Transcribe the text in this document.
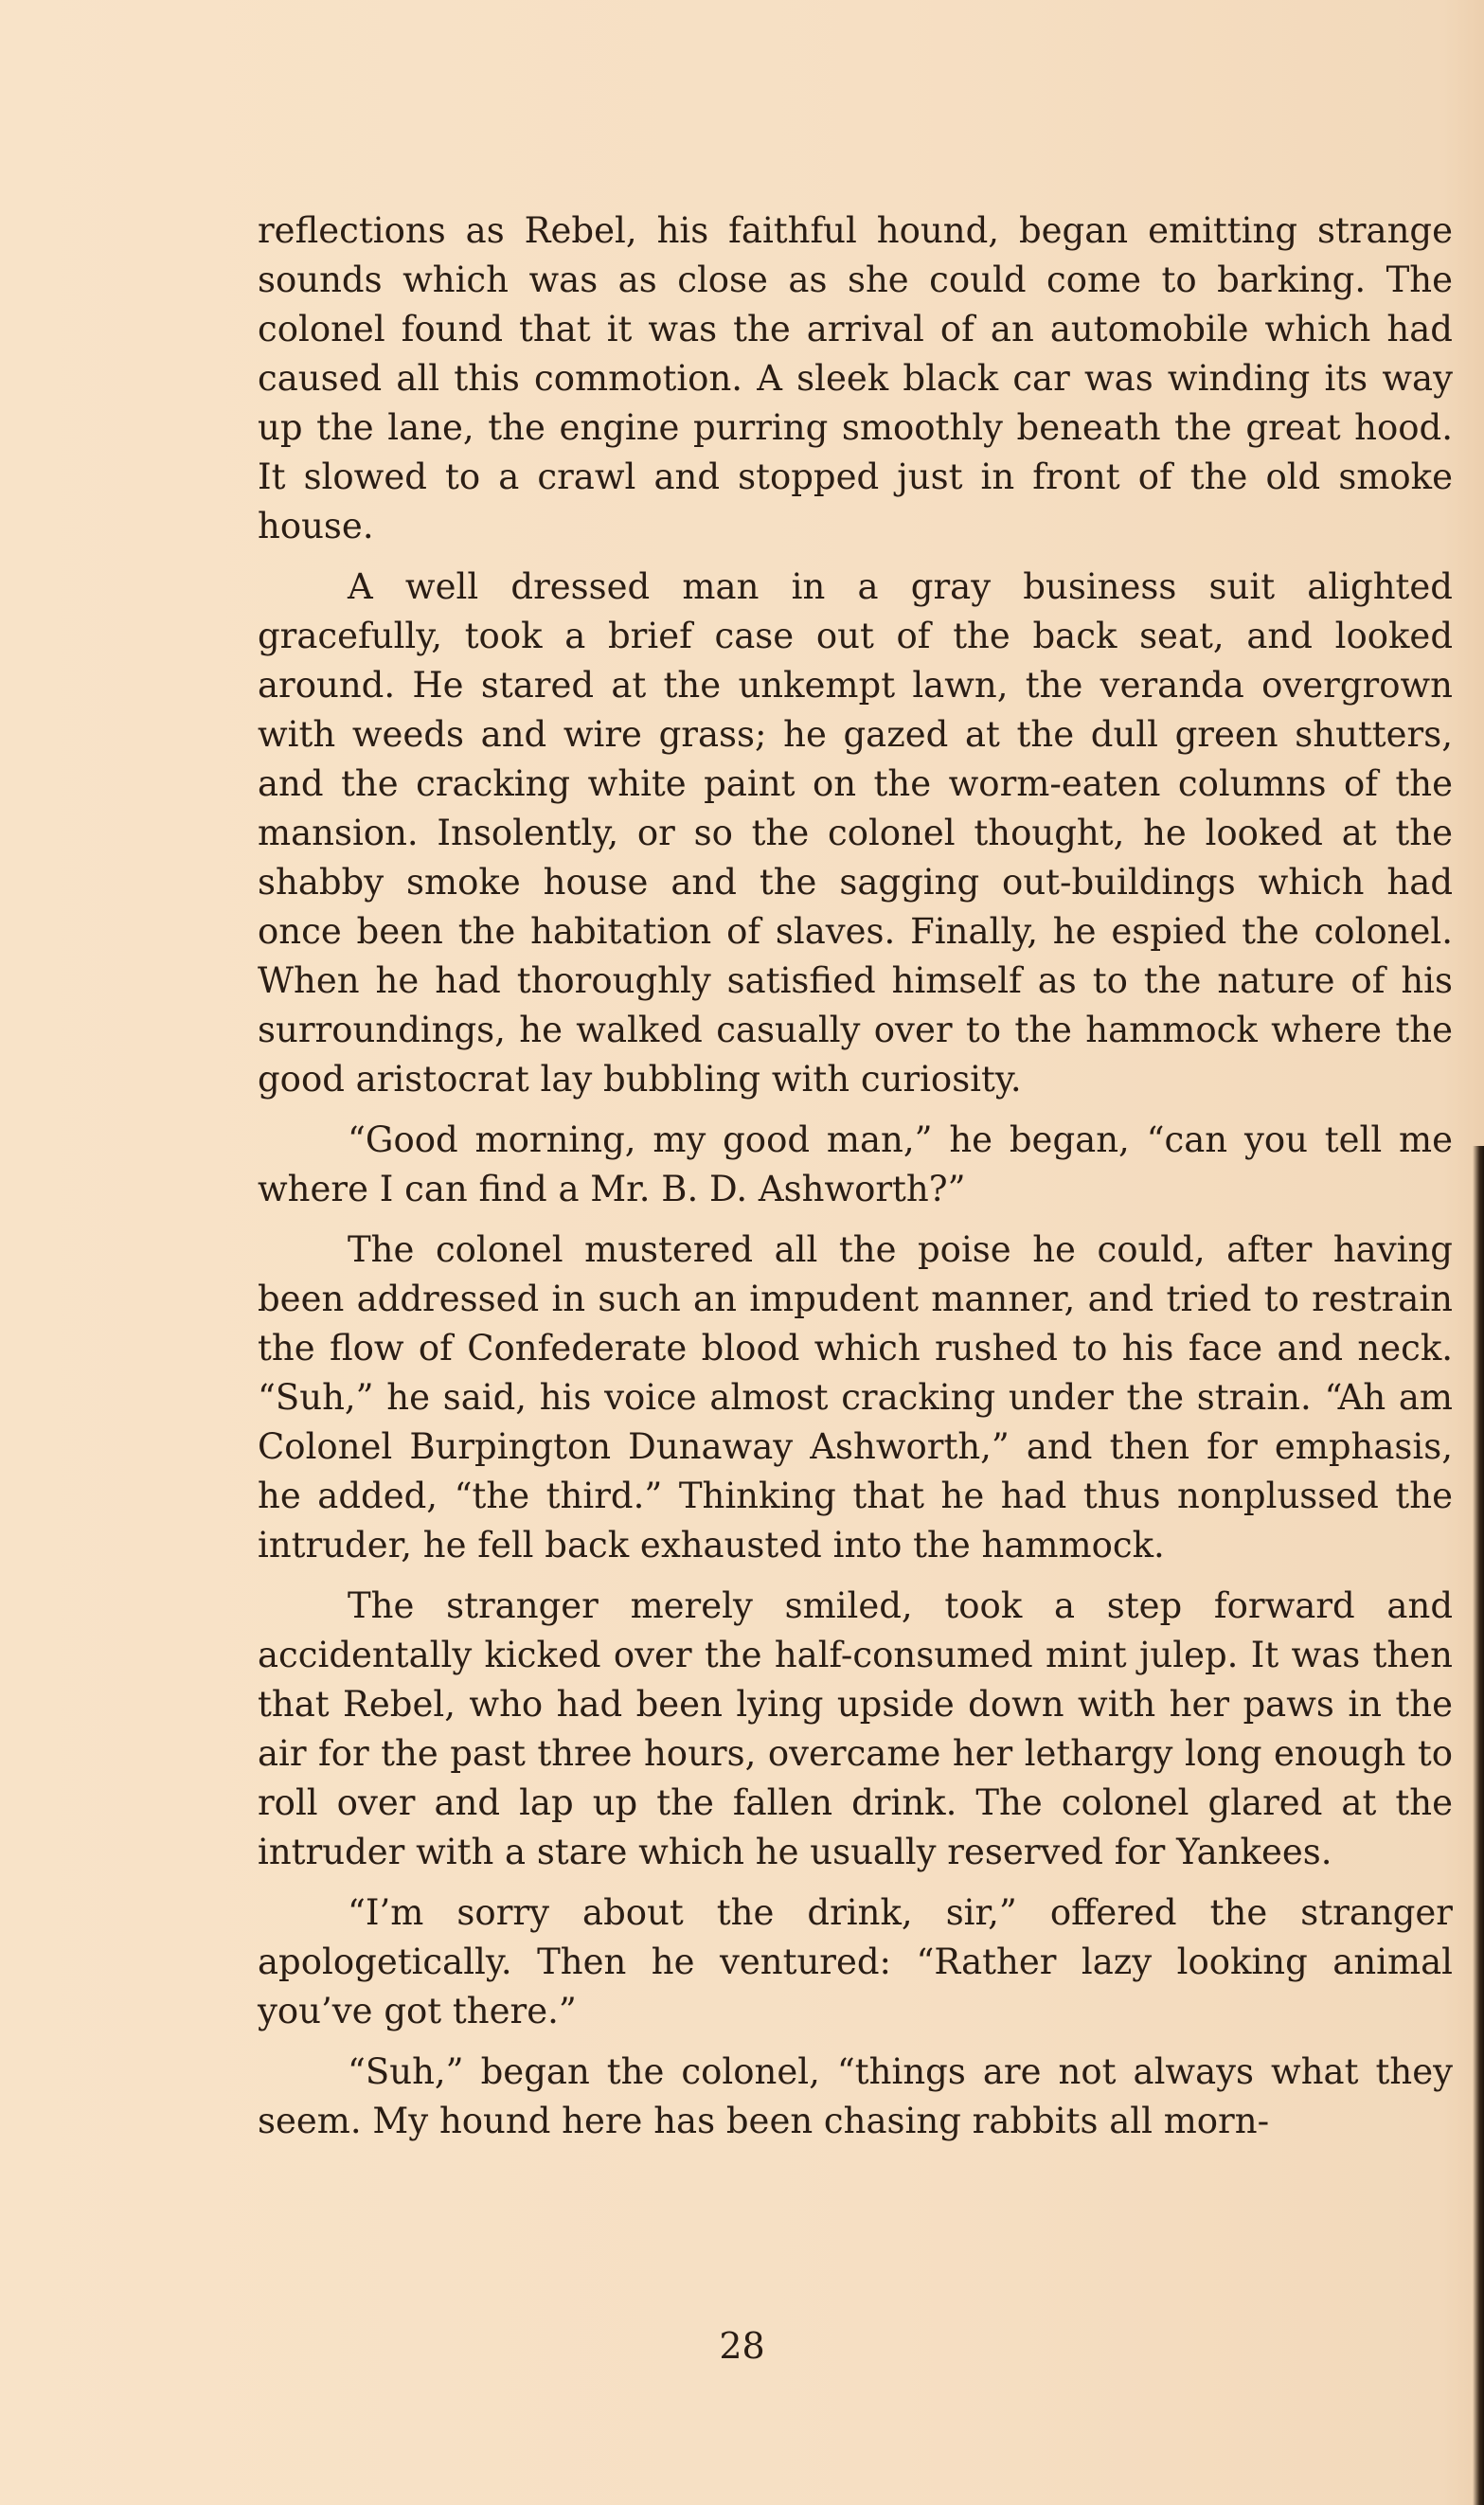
reflections as Rebel, his faithful hound, began emitting strange sounds which was as close as she could come to barking. The colonel found that it was the arrival of an automobile which had caused all this commotion. A sleek black car was winding its way up the lane, the engine purring smoothly beneath the great hood. It slowed to a crawl and stopped just in front of the old smoke house.

A well dressed man in a gray business suit alighted gracefully, took a brief case out of the back seat, and looked around. He stared at the unkempt lawn, the veranda overgrown with weeds and wire grass; he gazed at the dull green shutters, and the cracking white paint on the worm-eaten columns of the mansion. Insolently, or so the colonel thought, he looked at the shabby smoke house and the sagging out-buildings which had once been the habitation of slaves. Finally, he espied the colonel. When he had thoroughly satisfied himself as to the nature of his surroundings, he walked casually over to the hammock where the good aristocrat lay bubbling with curiosity.

“Good morning, my good man,” he began, “can you tell me where I can find a Mr. B. D. Ashworth?”

The colonel mustered all the poise he could, after having been addressed in such an impudent manner, and tried to restrain the flow of Confederate blood which rushed to his face and neck. “Suh,” he said, his voice almost cracking under the strain. “Ah am Colonel Burpington Dunaway Ashworth,” and then for emphasis, he added, “the third.” Thinking that he had thus nonplussed the intruder, he fell back exhausted into the hammock.

The stranger merely smiled, took a step forward and accidentally kicked over the half-consumed mint julep. It was then that Rebel, who had been lying upside down with her paws in the air for the past three hours, overcame her lethargy long enough to roll over and lap up the fallen drink. The colonel glared at the intruder with a stare which he usually reserved for Yankees.

“I’m sorry about the drink, sir,” offered the stranger apologetically. Then he ventured: “Rather lazy looking animal you’ve got there.”

“Suh,” began the colonel, “things are not always what they seem. My hound here has been chasing rabbits all morn-

28
